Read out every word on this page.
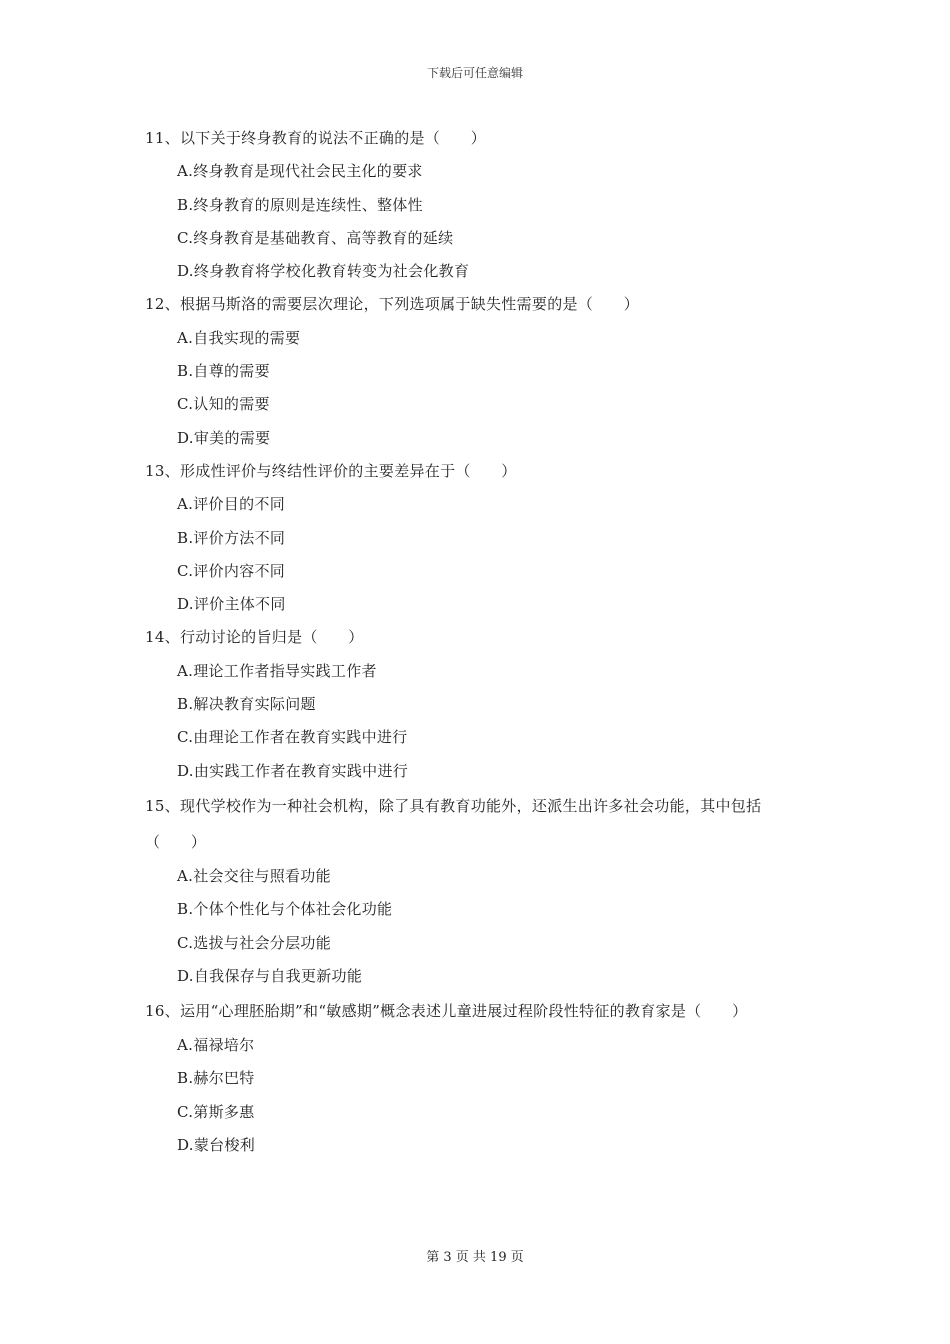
下载后可任意编辑
11、以下关于终身教育的说法不正确的是（　　）
A.终身教育是现代社会民主化的要求
B.终身教育的原则是连续性、整体性
C.终身教育是基础教育、高等教育的延续
D.终身教育将学校化教育转变为社会化教育
12、根据马斯洛的需要层次理论，下列选项属于缺失性需要的是（　　）
A.自我实现的需要
B.自尊的需要
C.认知的需要
D.审美的需要
13、形成性评价与终结性评价的主要差异在于（　　）
A.评价目的不同
B.评价方法不同
C.评价内容不同
D.评价主体不同
14、行动讨论的旨归是（　　）
A.理论工作者指导实践工作者
B.解决教育实际问题
C.由理论工作者在教育实践中进行
D.由实践工作者在教育实践中进行
15、现代学校作为一种社会机构，除了具有教育功能外，还派生出许多社会功能，其中包括（　　）
A.社会交往与照看功能
B.个体个性化与个体社会化功能
C.选拔与社会分层功能
D.自我保存与自我更新功能
16、运用“心理胚胎期”和“敏感期”概念表述儿童进展过程阶段性特征的教育家是（　　）
A.福禄培尔
B.赫尔巴特
C.第斯多惠
D.蒙台梭利
第 3 页 共 19 页
